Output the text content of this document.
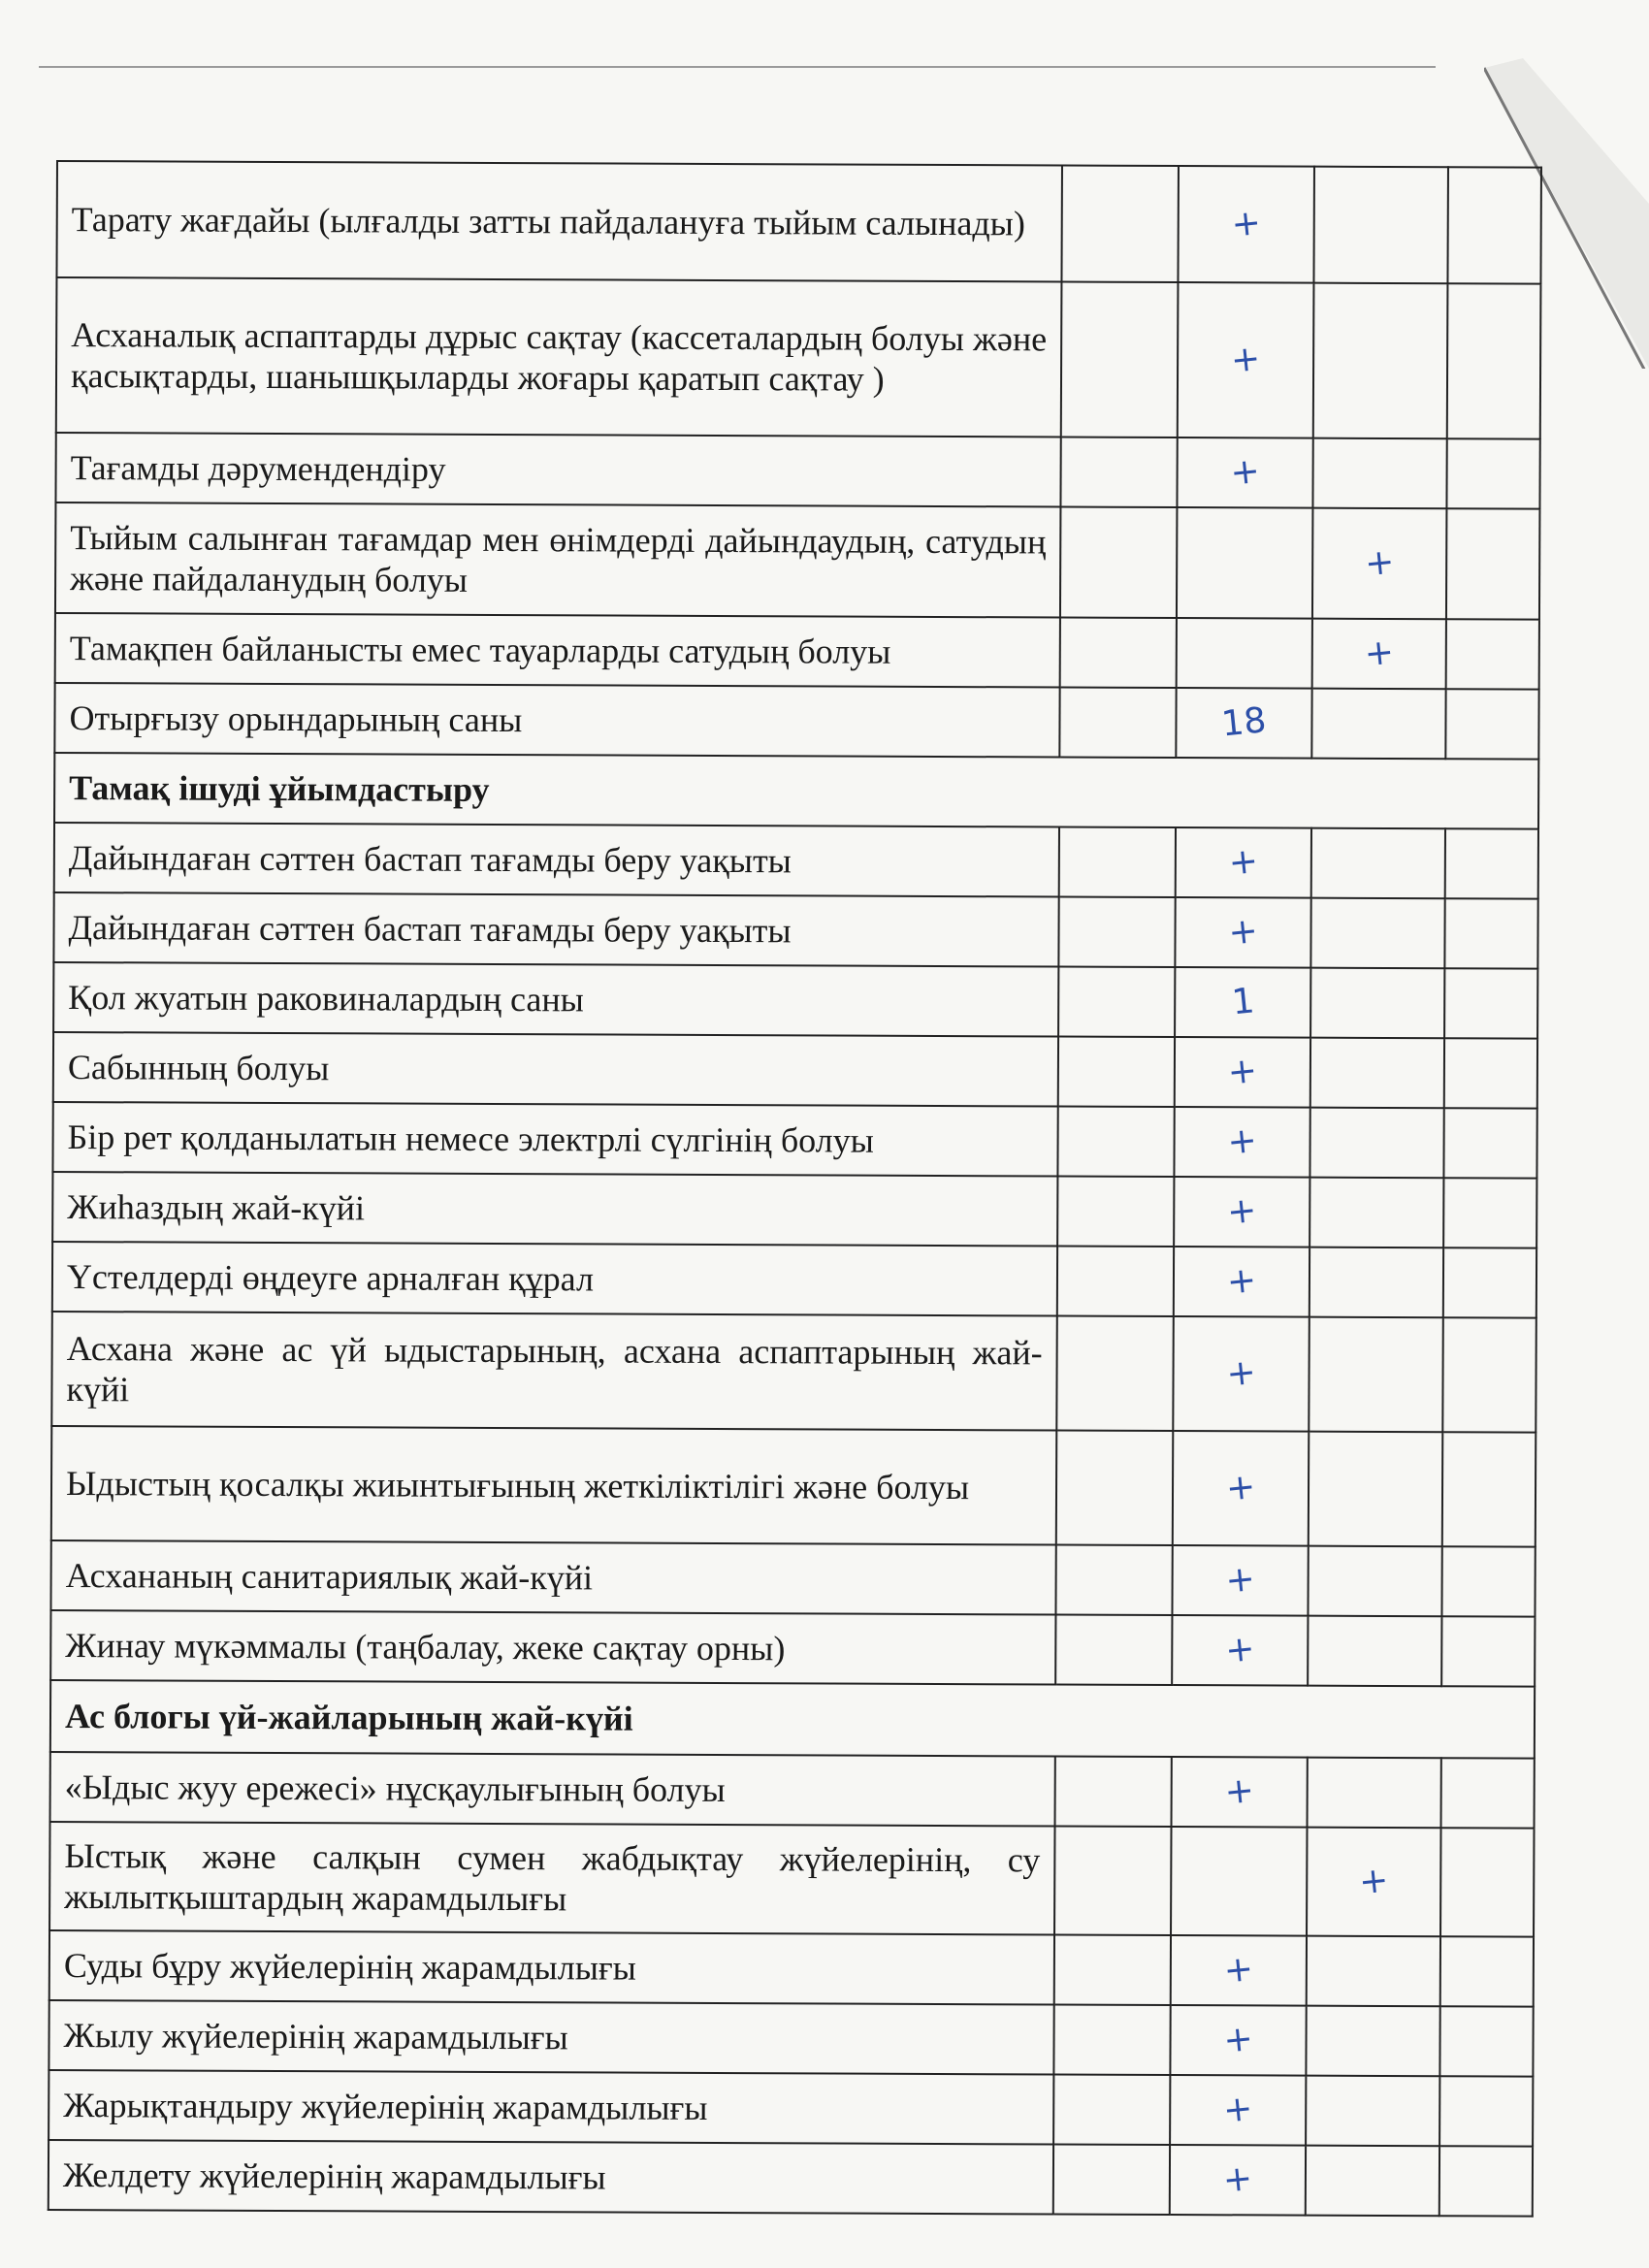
Тарату жағдайы (ылғалды затты пайдалануға тыйым салынады)		+		
Асханалық аспаптарды дұрыс сақтау (кассеталардың болуы және қасықтарды, шанышқыларды жоғары қаратып сақтау )		+		
Тағамды дәрумендендіру		+		
Тыйым салынған тағамдар мен өнімдерді дайындаудың, сатудың және пайдаланудың болуы			+	
Тамақпен байланысты емес тауарларды сатудың болуы			+	
Отырғызу орындарының саны		18		
Тамақ ішуді ұйымдастыру				
Дайындаған сәттен бастап тағамды беру уақыты		+		
Дайындаған сәттен бастап тағамды беру уақыты		+		
Қол жуатын раковиналардың саны		1		
Сабынның болуы		+		
Бір рет қолданылатын немесе электрлі сүлгінің болуы		+		
Жиһаздың жай-күйі		+		
Үстелдерді өңдеуге арналған құрал		+		
Асхана және ас үй ыдыстарының, асхана аспаптарының жай-күйі		+		
Ыдыстың қосалқы жиынтығының жеткіліктілігі және болуы		+		
Асхананың санитариялық жай-күйі		+		
Жинау мүкәммалы (таңбалау, жеке сақтау орны)		+		
Ас блогы үй-жайларының жай-күйі				
«Ыдыс жуу ережесі» нұсқаулығының болуы		+		
Ыстық және салқын сумен жабдықтау жүйелерінің, су жылытқыштардың жарамдылығы			+	
Суды бұру жүйелерінің жарамдылығы		+		
Жылу жүйелерінің жарамдылығы		+		
Жарықтандыру жүйелерінің жарамдылығы		+		
Желдету жүйелерінің жарамдылығы		+		
